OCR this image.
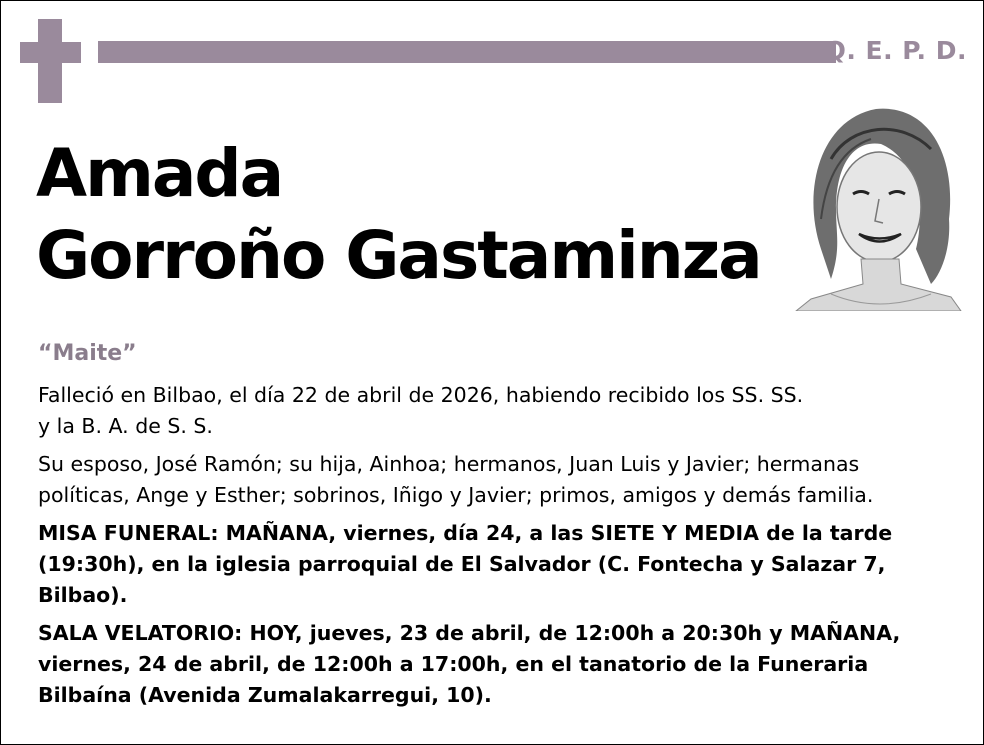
Q. E. P. D.
Amada
Gorroño Gastaminza
“Maite”

Falleció en Bilbao, el día 22 de abril de 2026, habiendo recibido los SS. SS.
y la B. A. de S. S.

Su esposo, José Ramón; su hija, Ainhoa; hermanos, Juan Luis y Javier; hermanas
políticas, Ange y Esther; sobrinos, Iñigo y Javier; primos, amigos y demás familia.

MISA FUNERAL: MAÑANA, viernes, día 24, a las SIETE Y MEDIA de la tarde
(19:30h), en la iglesia parroquial de El Salvador (C. Fontecha y Salazar 7,
Bilbao).

SALA VELATORIO: HOY, jueves, 23 de abril, de 12:00h a 20:30h y MAÑANA,
viernes, 24 de abril, de 12:00h a 17:00h, en el tanatorio de la Funeraria
Bilbaína (Avenida Zumalakarregui, 10).
